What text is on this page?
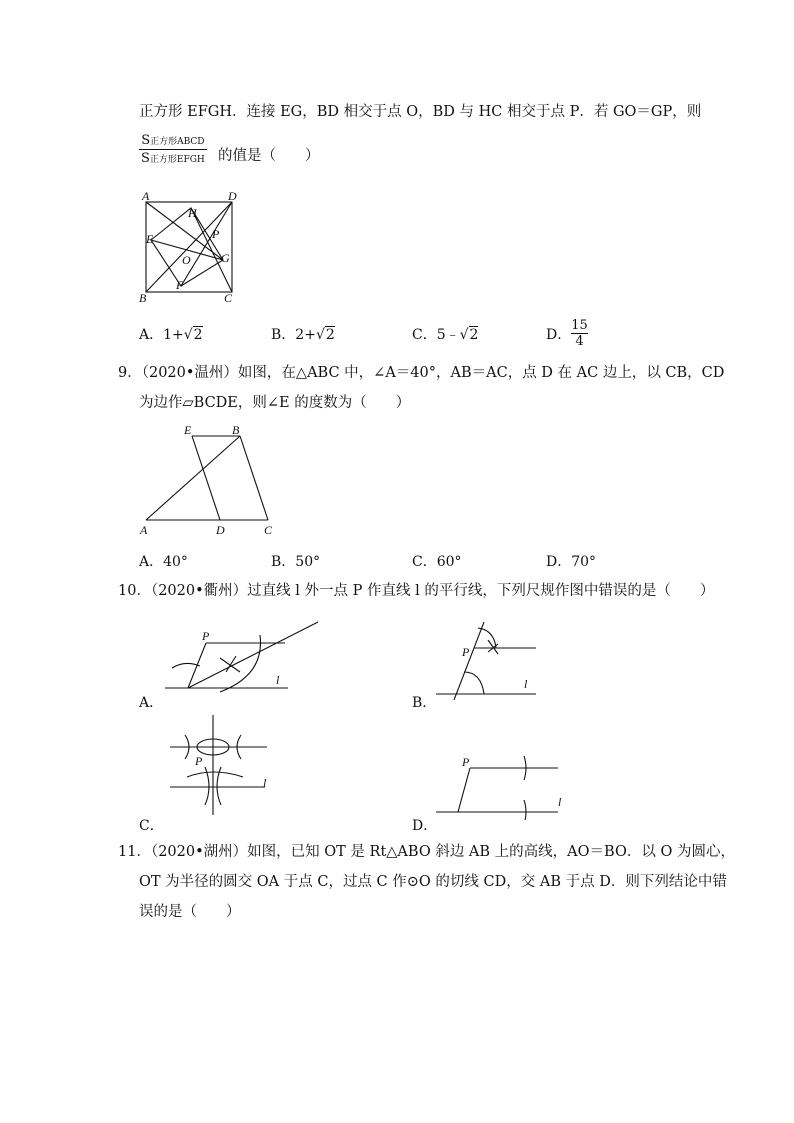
正方形 EFGH．连接 EG，BD 相交于点 O，BD 与 HC 相交于点 P．若 GO＝GP，则
S正方形ABCD
S正方形EFGH 的值是（　　）
A	D
H
E	P
O	G
B
F
C
A．1+√2	B．2+√2	C．5﹣√2	D． $\frac{15}{4}$
9．（2020•温州）如图，在△ABC 中，∠A＝40°，AB＝AC，点 D 在 AC 边上，以 CB，CD
为边作▱BCDE，则∠E 的度数为（　　）
E	B
A	D	C
A．40°	B．50°	C．60°	D．70°
10．（2020•衢州）过直线 l 外一点 P 作直线 l 的平行线，下列尺规作图中错误的是（　　）
P
l
A．
P
l
B．
P
l
C．
P
l
D．
11．（2020•湖州）如图，已知 OT 是 Rt△ABO 斜边 AB 上的高线，AO＝BO．以 O 为圆心，
OT 为半径的圆交 OA 于点 C，过点 C 作⊙O 的切线 CD，交 AB 于点 D．则下列结论中错
误的是（　　）
